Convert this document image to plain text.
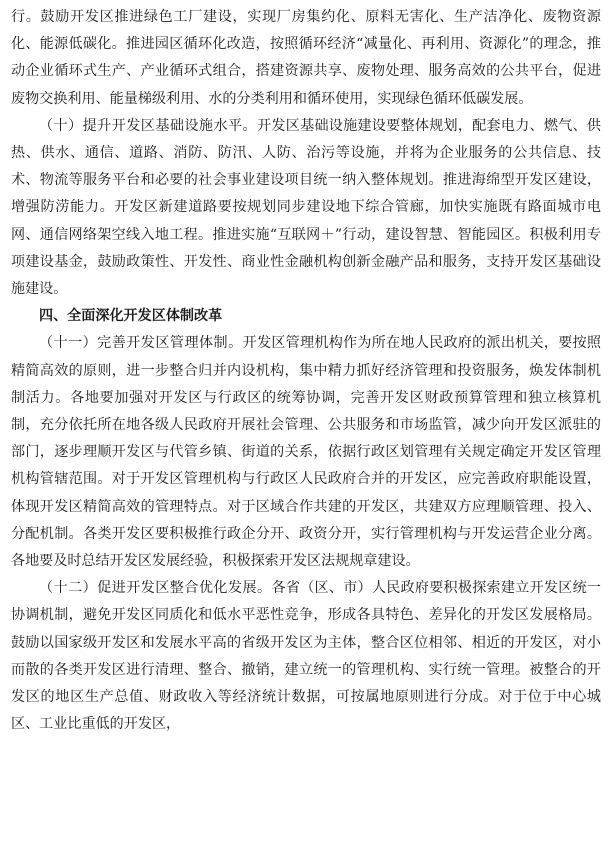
行。鼓励开发区推进绿色工厂建设，实现厂房集约化、原料无害化、生产洁净化、废物资源化、能源低碳化。推进园区循环化改造，按照循环经济“减量化、再利用、资源化”的理念，推动企业循环式生产、产业循环式组合，搭建资源共享、废物处理、服务高效的公共平台，促进废物交换利用、能量梯级利用、水的分类利用和循环使用，实现绿色循环低碳发展。

（十）提升开发区基础设施水平。开发区基础设施建设要整体规划，配套电力、燃气、供热、供水、通信、道路、消防、防汛、人防、治污等设施，并将为企业服务的公共信息、技术、物流等服务平台和必要的社会事业建设项目统一纳入整体规划。推进海绵型开发区建设，增强防涝能力。开发区新建道路要按规划同步建设地下综合管廊，加快实施既有路面城市电网、通信网络架空线入地工程。推进实施“互联网＋”行动，建设智慧、智能园区。积极利用专项建设基金，鼓励政策性、开发性、商业性金融机构创新金融产品和服务，支持开发区基础设施建设。

四、全面深化开发区体制改革

（十一）完善开发区管理体制。开发区管理机构作为所在地人民政府的派出机关，要按照精简高效的原则，进一步整合归并内设机构，集中精力抓好经济管理和投资服务，焕发体制机制活力。各地要加强对开发区与行政区的统筹协调，完善开发区财政预算管理和独立核算机制，充分依托所在地各级人民政府开展社会管理、公共服务和市场监管，减少向开发区派驻的部门，逐步理顺开发区与代管乡镇、街道的关系，依据行政区划管理有关规定确定开发区管理机构管辖范围。对于开发区管理机构与行政区人民政府合并的开发区，应完善政府职能设置，体现开发区精简高效的管理特点。对于区域合作共建的开发区，共建双方应理顺管理、投入、分配机制。各类开发区要积极推行政企分开、政资分开，实行管理机构与开发运营企业分离。各地要及时总结开发区发展经验，积极探索开发区法规规章建设。

（十二）促进开发区整合优化发展。各省（区、市）人民政府要积极探索建立开发区统一协调机制，避免开发区同质化和低水平恶性竞争，形成各具特色、差异化的开发区发展格局。鼓励以国家级开发区和发展水平高的省级开发区为主体，整合区位相邻、相近的开发区，对小而散的各类开发区进行清理、整合、撤销，建立统一的管理机构、实行统一管理。被整合的开发区的地区生产总值、财政收入等经济统计数据，可按属地原则进行分成。对于位于中心城区、工业比重低的开发区，
